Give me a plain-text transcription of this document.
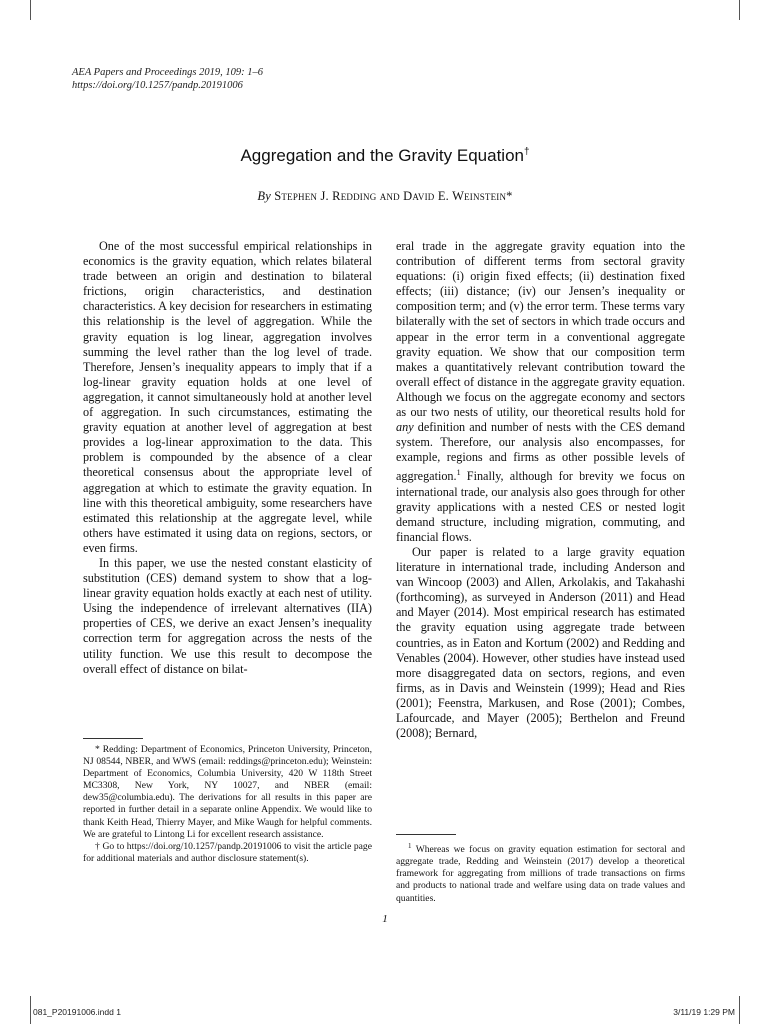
AEA Papers and Proceedings 2019, 109: 1–6
https://doi.org/10.1257/pandp.20191006
Aggregation and the Gravity Equation†
By Stephen J. Redding and David E. Weinstein*

One of the most successful empirical relationships in economics is the gravity equation, which relates bilateral trade between an origin and destination to bilateral frictions, origin characteristics, and destination characteristics. A key decision for researchers in estimating this relationship is the level of aggregation. While the gravity equation is log linear, aggregation involves summing the level rather than the log level of trade. Therefore, Jensen’s inequality appears to imply that if a log-linear gravity equation holds at one level of aggregation, it cannot simultaneously hold at another level of aggregation. In such circumstances, estimating the gravity equation at another level of aggregation at best provides a log-linear approximation to the data. This problem is compounded by the absence of a clear theoretical consensus about the appropriate level of aggregation at which to estimate the gravity equation. In line with this theoretical ambiguity, some researchers have estimated this relationship at the aggregate level, while others have estimated it using data on regions, sectors, or even firms.

In this paper, we use the nested constant elasticity of substitution (CES) demand system to show that a log-linear gravity equation holds exactly at each nest of utility. Using the independence of irrelevant alternatives (IIA) properties of CES, we derive an exact Jensen’s inequality correction term for aggregation across the nests of the utility function. We use this result to decompose the overall effect of distance on bilat-

eral trade in the aggregate gravity equation into the contribution of different terms from sectoral gravity equations: (i) origin fixed effects; (ii) destination fixed effects; (iii) distance; (iv) our Jensen’s inequality or composition term; and (v) the error term. These terms vary bilaterally with the set of sectors in which trade occurs and appear in the error term in a conventional aggregate gravity equation. We show that our composition term makes a quantitatively relevant contribution toward the overall effect of distance in the aggregate gravity equation. Although we focus on the aggregate economy and sectors as our two nests of utility, our theoretical results hold for any definition and number of nests with the CES demand system. Therefore, our analysis also encompasses, for example, regions and firms as other possible levels of aggregation.$^1$ Finally, although for brevity we focus on international trade, our analysis also goes through for other gravity applications with a nested CES or nested logit demand structure, including migration, commuting, and financial flows.

Our paper is related to a large gravity equation literature in international trade, including Anderson and van Wincoop (2003) and Allen, Arkolakis, and Takahashi (forthcoming), as surveyed in Anderson (2011) and Head and Mayer (2014). Most empirical research has estimated the gravity equation using aggregate trade between countries, as in Eaton and Kortum (2002) and Redding and Venables (2004). However, other studies have instead used more disaggregated data on sectors, regions, and even firms, as in Davis and Weinstein (1999); Head and Ries (2001); Feenstra, Markusen, and Rose (2001); Combes, Lafourcade, and Mayer (2005); Berthelon and Freund (2008); Bernard,

* Redding: Department of Economics, Princeton University, Princeton, NJ 08544, NBER, and WWS (email: reddings@princeton.edu); Weinstein: Department of Economics, Columbia University, 420 W 118th Street MC3308, New York, NY 10027, and NBER (email: dew35@columbia.edu). The derivations for all results in this paper are reported in further detail in a separate online Appendix. We would like to thank Keith Head, Thierry Mayer, and Mike Waugh for helpful comments. We are grateful to Lintong Li for excellent research assistance.

† Go to https://doi.org/10.1257/pandp.20191006 to visit the article page for additional materials and author disclosure statement(s).

$^1$ Whereas we focus on gravity equation estimation for sectoral and aggregate trade, Redding and Weinstein (2017) develop a theoretical framework for aggregating from millions of trade transactions on firms and products to national trade and welfare using data on trade values and quantities.

1
081_P20191006.indd 1	3/11/19 1:29 PM
